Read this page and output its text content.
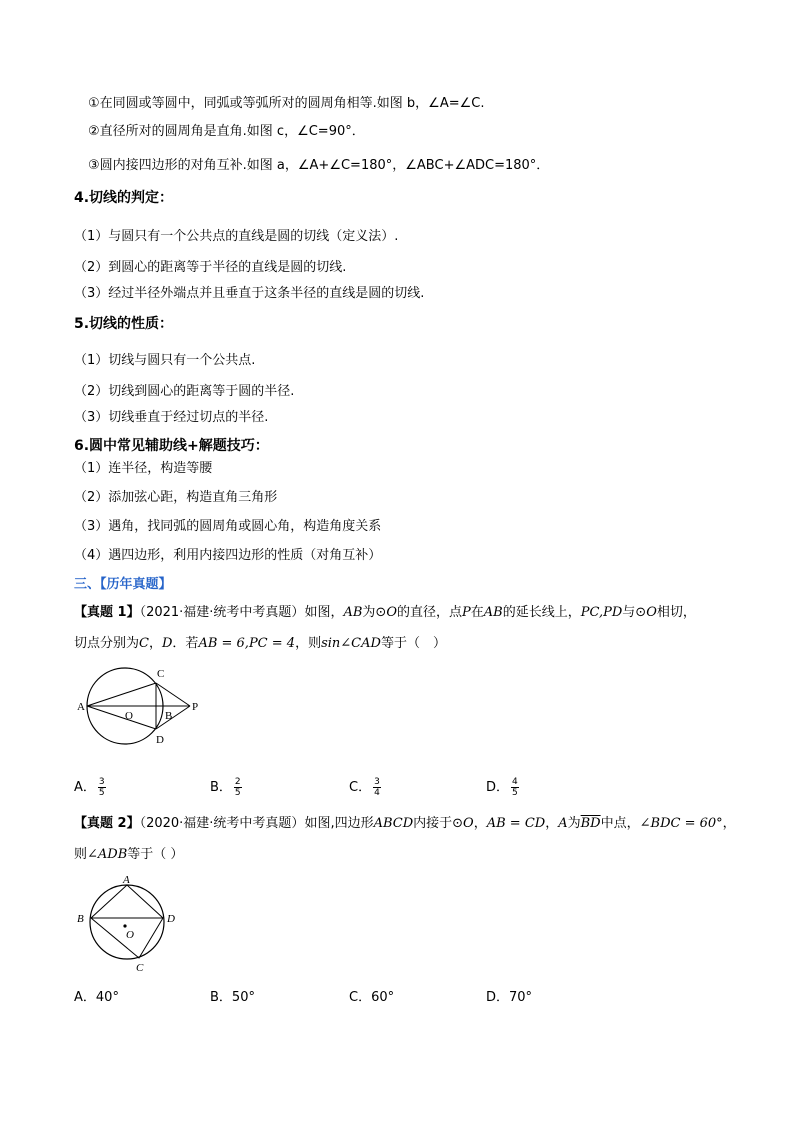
①在同圆或等圆中，同弧或等弧所对的圆周角相等.如图 b，∠A=∠C.
②直径所对的圆周角是直角.如图 c，∠C=90°．
③圆内接四边形的对角互补.如图 a，∠A+∠C=180°，∠ABC+∠ADC=180°．
4.切线的判定：
（1）与圆只有一个公共点的直线是圆的切线（定义法）.
（2）到圆心的距离等于半径的直线是圆的切线.
（3）经过半径外端点并且垂直于这条半径的直线是圆的切线.
5.切线的性质：
（1）切线与圆只有一个公共点.
（2）切线到圆心的距离等于圆的半径.
（3）切线垂直于经过切点的半径.
6.圆中常见辅助线+解题技巧：
（1）连半径，构造等腰
（2）添加弦心距，构造直角三角形
（3）遇角，找同弧的圆周角或圆心角，构造角度关系
（4）遇四边形，利用内接四边形的性质（对角互补）
三、【历年真题】
【真题 1】（2021·福建·统考中考真题）如图，AB为⊙O的直径，点P在AB的延长线上，PC,PD与⊙O相切，
切点分别为C，D．若AB = 6,PC = 4，则sin∠CAD等于（　）
A
O	B
P
C
D
A． $\frac{3}{5}$	B． $\frac{2}{5}$	C． $\frac{3}{4}$	D． $\frac{4}{5}$
【真题 2】（2020·福建·统考中考真题）如图,四边形ABCD内接于⊙O，AB = CD，A为$\overline{BD}$中点，∠BDC = 60°，
则∠ADB等于（ ）
A
B
C
D
O
A．40°	B．50°	C．60°	D．70°
